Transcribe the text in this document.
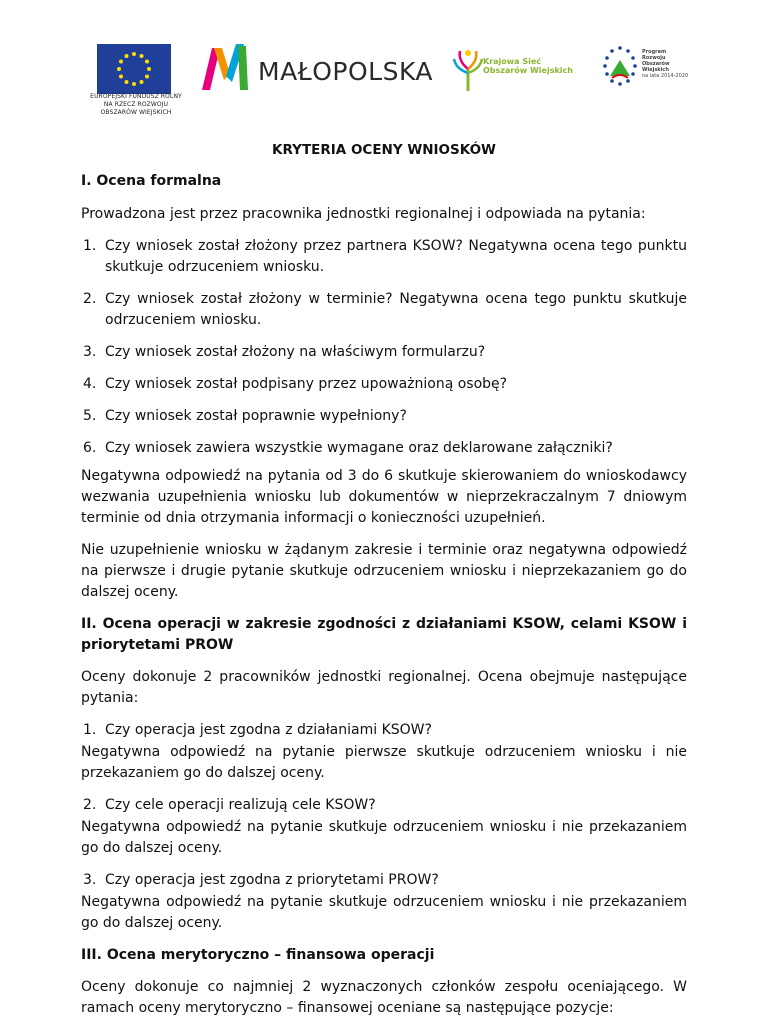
EUROPEJSKI FUNDUSZ ROLNY
NA RZECZ ROZWOJU
OBSZARÓW WIEJSKICH
MAŁOPOLSKA	Krajowa Sieć
Obszarów Wiejskich
Program
Rozwoju
Obszarów
Wiejskich
na lata 2014-2020
KRYTERIA OCENY WNIOSKÓW
I. Ocena formalna

Prowadzona jest przez pracownika jednostki regionalnej i odpowiada na pytania:

1. Czy wniosek został złożony przez partnera KSOW? Negatywna ocena tego punktu skutkuje odrzuceniem wniosku.
2. Czy wniosek został złożony w terminie? Negatywna ocena tego punktu skutkuje odrzuceniem wniosku.
3. Czy wniosek został złożony na właściwym formularzu?
4. Czy wniosek został podpisany przez upoważnioną osobę?
5. Czy wniosek został poprawnie wypełniony?
6. Czy wniosek zawiera wszystkie wymagane oraz deklarowane załączniki?

Negatywna odpowiedź na pytania od 3 do 6 skutkuje skierowaniem do wnioskodawcy wezwania uzupełnienia wniosku lub dokumentów w nieprzekraczalnym 7 dniowym terminie od dnia otrzymania informacji o konieczności uzupełnień.

Nie uzupełnienie wniosku w żądanym zakresie i terminie oraz negatywna odpowiedź na pierwsze i drugie pytanie skutkuje odrzuceniem wniosku i nieprzekazaniem go do dalszej oceny.

II. Ocena operacji w zakresie zgodności z działaniami KSOW, celami KSOW i priorytetami PROW

Oceny dokonuje 2 pracowników jednostki regionalnej. Ocena obejmuje następujące pytania:

1. Czy operacja jest zgodna z działaniami KSOW?

Negatywna odpowiedź na pytanie pierwsze skutkuje odrzuceniem wniosku i nie przekazaniem go do dalszej oceny.

2. Czy cele operacji realizują cele KSOW?

Negatywna odpowiedź na pytanie skutkuje odrzuceniem wniosku i nie przekazaniem go do dalszej oceny.

3. Czy operacja jest zgodna z priorytetami PROW?

Negatywna odpowiedź na pytanie skutkuje odrzuceniem wniosku i nie przekazaniem go do dalszej oceny.

III. Ocena merytoryczno – finansowa operacji

Oceny dokonuje co najmniej 2 wyznaczonych członków zespołu oceniającego. W ramach oceny merytoryczno – finansowej oceniane są następujące pozycje:
